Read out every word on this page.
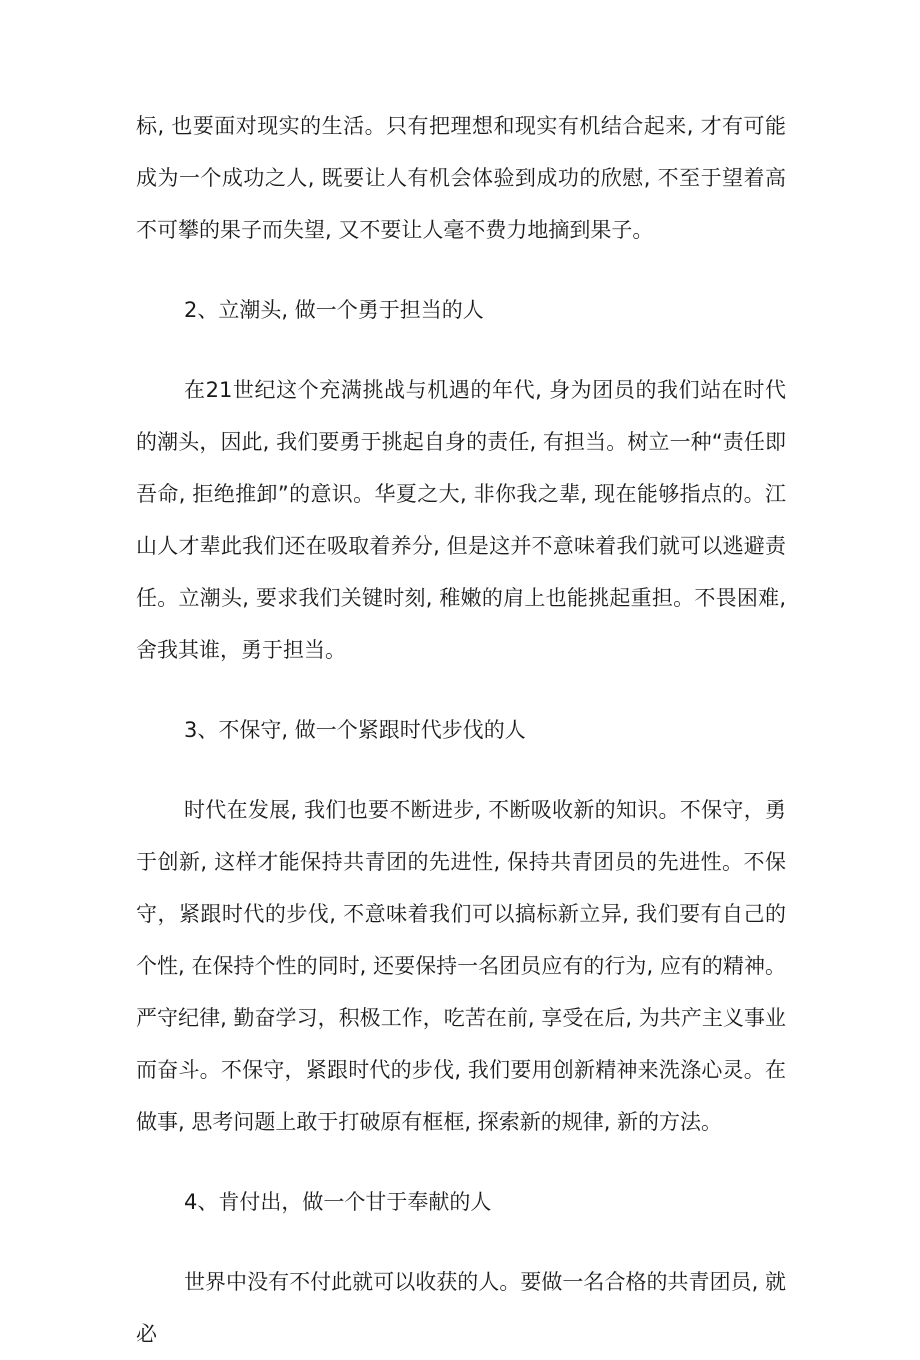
标, 也要面对现实的生活。只有把理想和现实有机结合起来, 才有可能成为一个成功之人, 既要让人有机会体验到成功的欣慰, 不至于望着高不可攀的果子而失望, 又不要让人毫不费力地摘到果子。

2、立潮头, 做一个勇于担当的人

在21世纪这个充满挑战与机遇的年代, 身为团员的我们站在时代的潮头，因此, 我们要勇于挑起自身的责任, 有担当。树立一种“责任即吾命, 拒绝推卸”的意识。华夏之大, 非你我之辈, 现在能够指点的。江山人才辈此我们还在吸取着养分, 但是这并不意味着我们就可以逃避责任。立潮头, 要求我们关键时刻, 稚嫩的肩上也能挑起重担。不畏困难, 舍我其谁，勇于担当。

3、不保守, 做一个紧跟时代步伐的人

时代在发展, 我们也要不断进步, 不断吸收新的知识。不保守，勇于创新, 这样才能保持共青团的先进性, 保持共青团员的先进性。不保守，紧跟时代的步伐, 不意味着我们可以搞标新立异, 我们要有自己的个性, 在保持个性的同时, 还要保持一名团员应有的行为, 应有的精神。严守纪律, 勤奋学习，积极工作，吃苦在前, 享受在后, 为共产主义事业而奋斗。不保守，紧跟时代的步伐, 我们要用创新精神来洗涤心灵。在做事, 思考问题上敢于打破原有框框, 探索新的规律, 新的方法。

4、肯付出，做一个甘于奉献的人

世界中没有不付此就可以收获的人。要做一名合格的共青团员, 就必
